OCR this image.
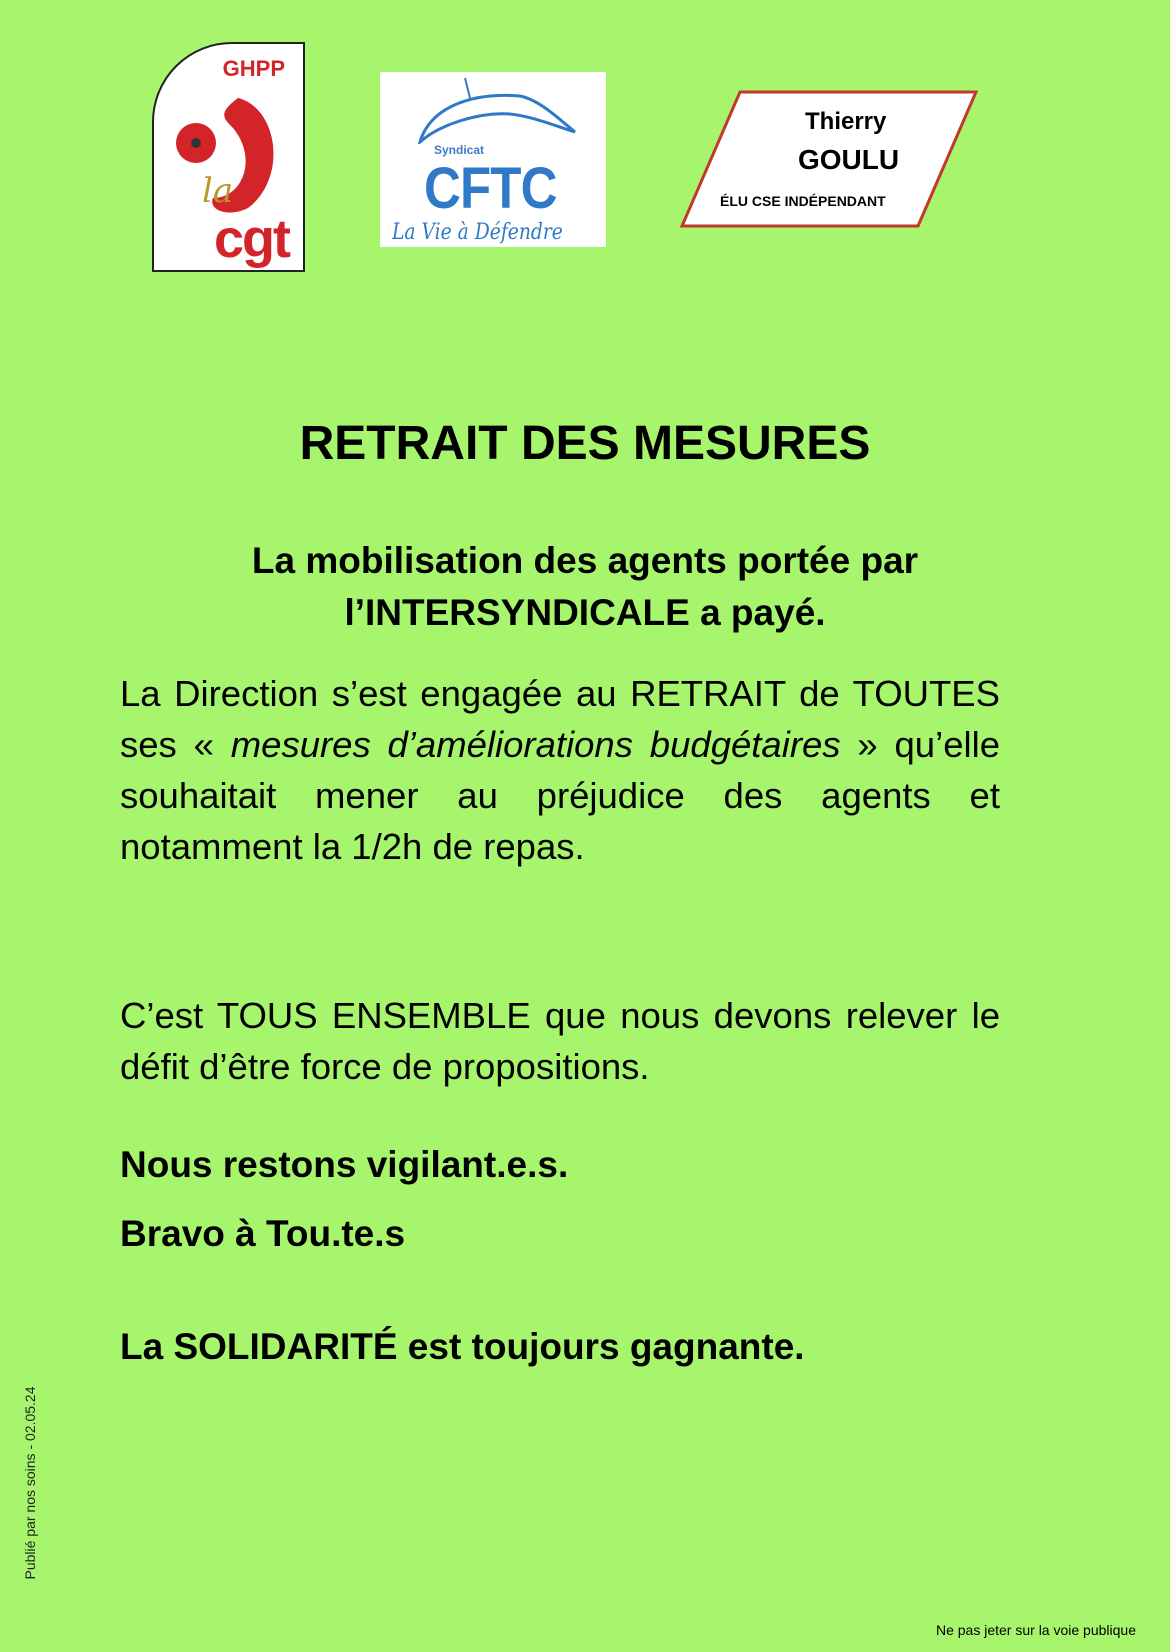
GHPP
la
cgt
Syndicat
CFTC
La Vie à Défendre
Thierry
GOULU
ÉLU CSE INDÉPENDANT
RETRAIT DES MESURES

La mobilisation des agents portée par
l’INTERSYNDICALE a payé.

La Direction s’est engagée au RETRAIT de TOUTES ses « mesures d’améliorations budgétaires » qu’elle souhaitait mener au préjudice des agents et notamment la 1/2h de repas.

C’est TOUS ENSEMBLE que nous devons relever le défit d’être force de propositions.

Nous restons vigilant.e.s.

Bravo à Tou.te.s

La SOLIDARITÉ est toujours gagnante.

Publié par nos soins - 02.05.24
Ne pas jeter sur la voie publique
